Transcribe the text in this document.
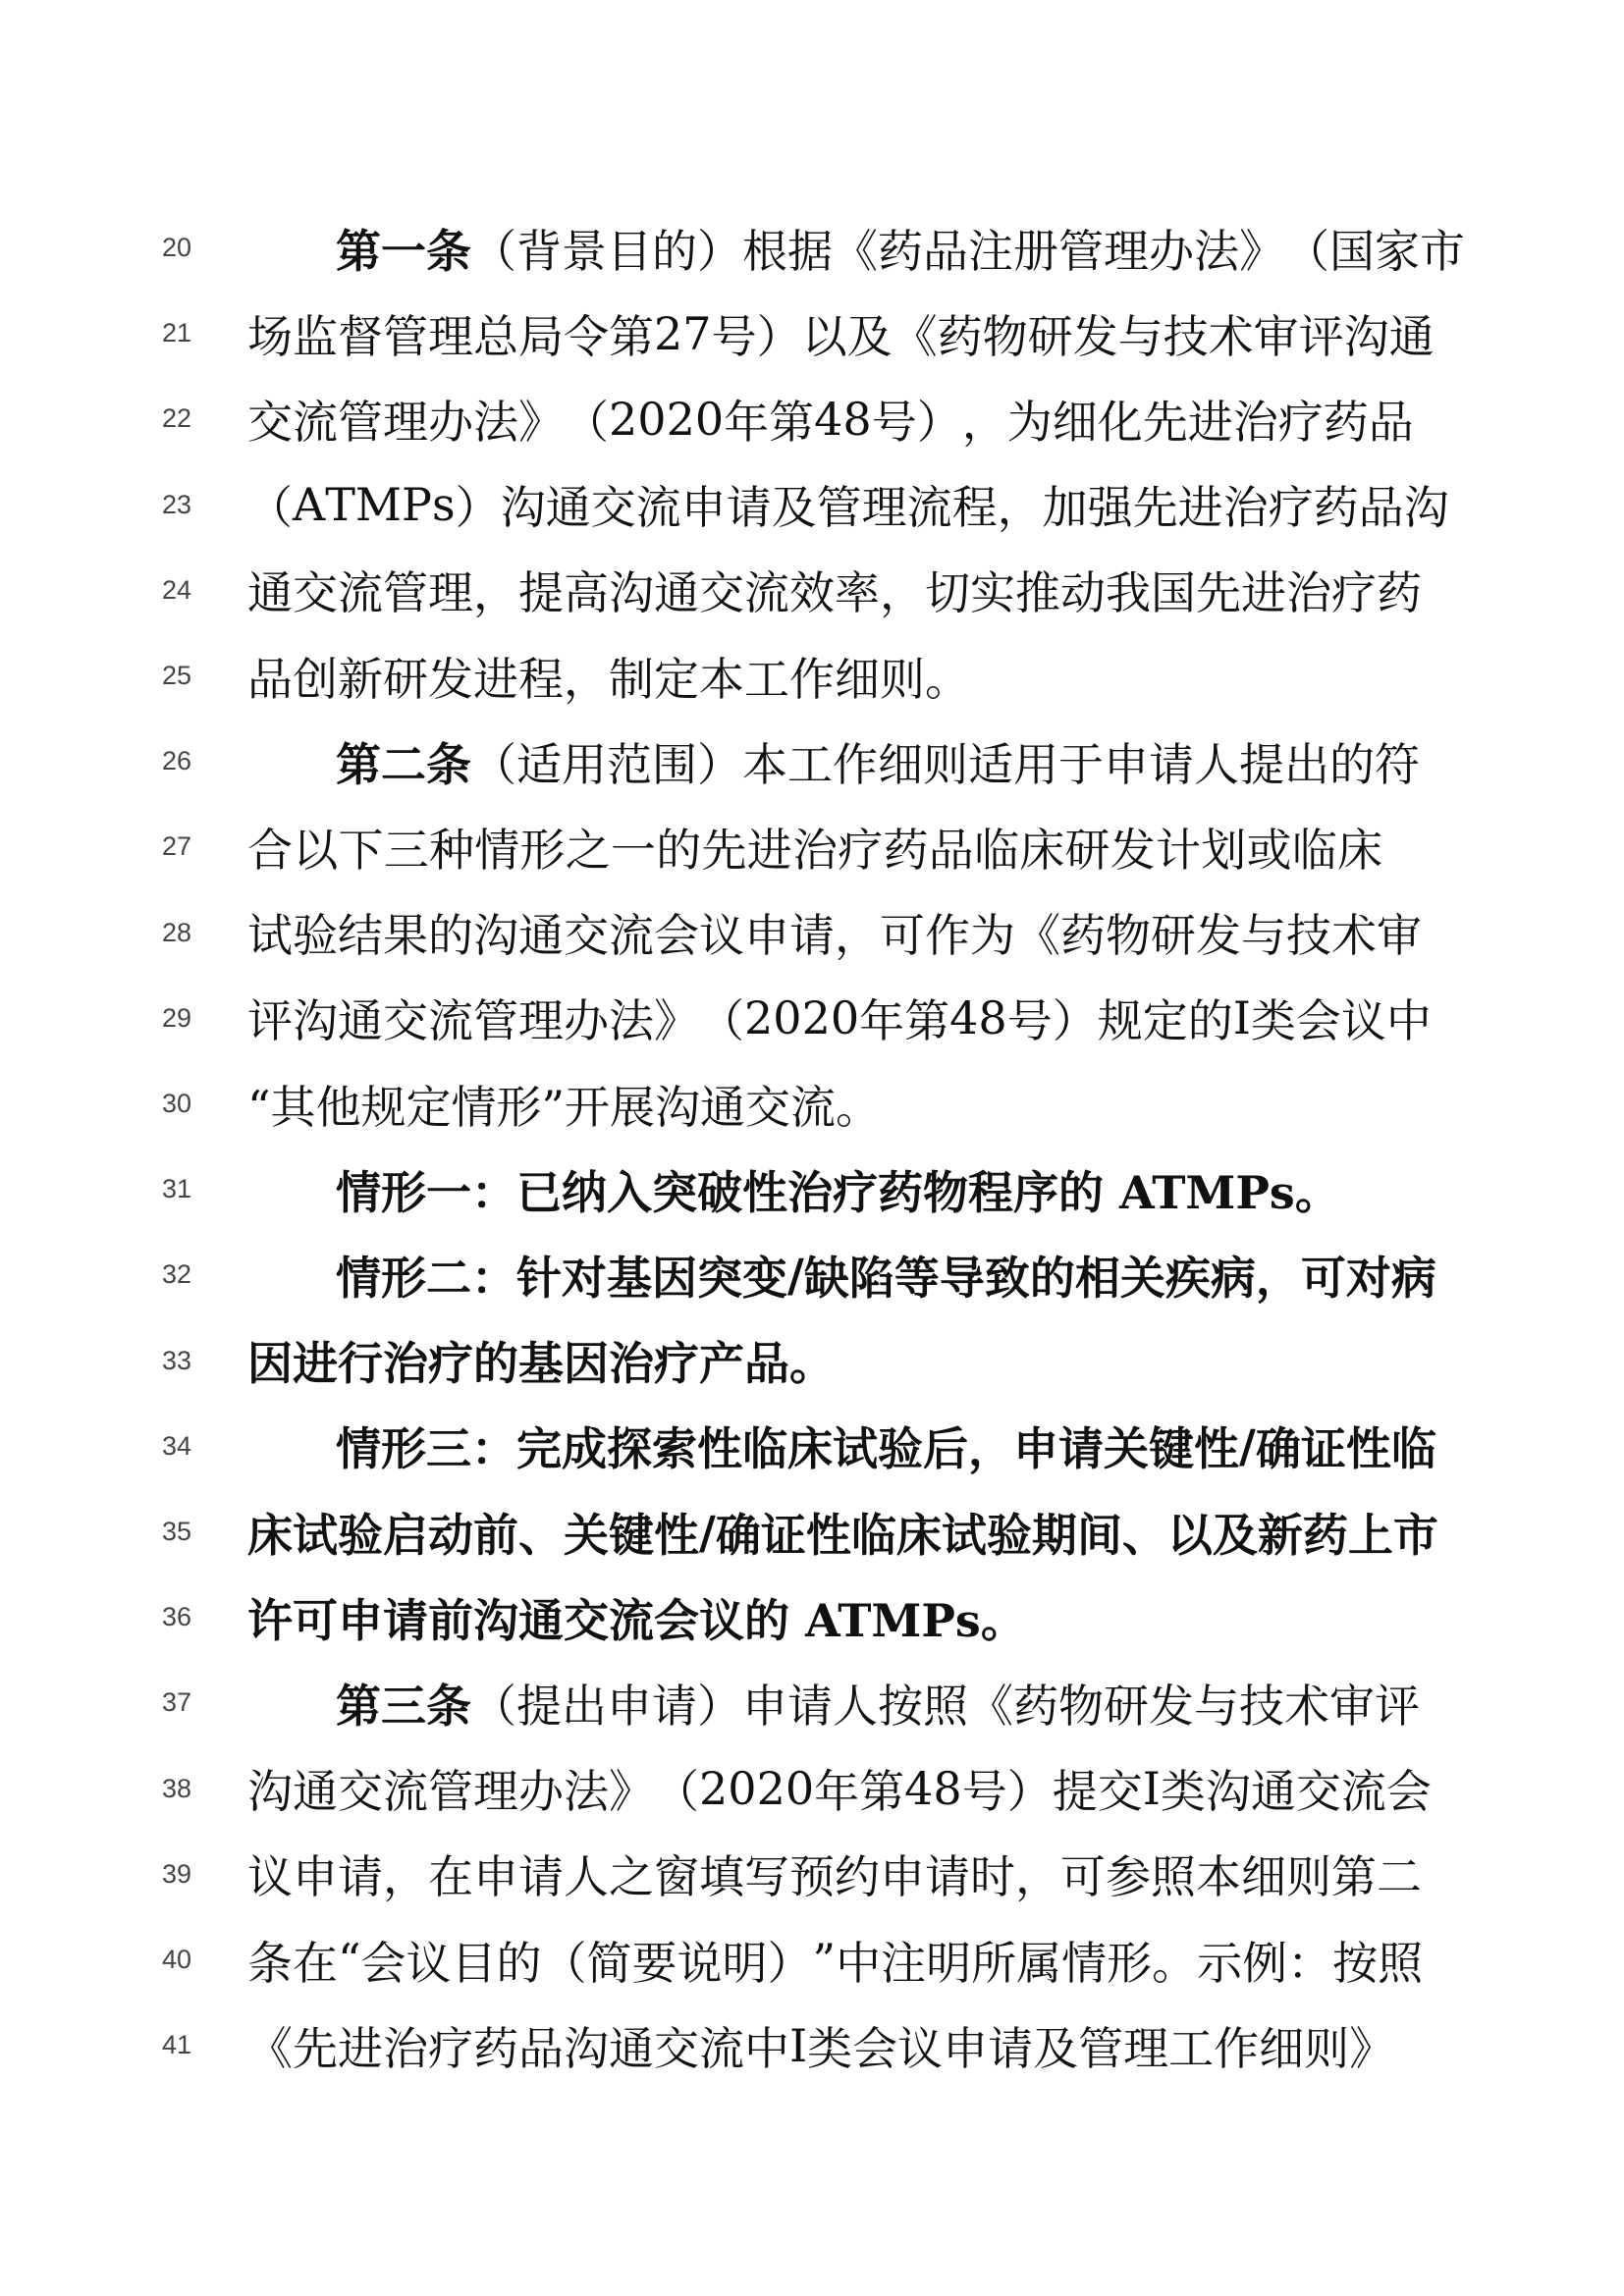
20	第 一 条 （ 背 景 目 的 ） 根 据 《 药 品 注 册 管 理 办 法 》 （ 国 家 市
21	场 监 督 管 理 总 局 令 第 2 7 号 ） 以 及 《 药 物 研 发 与 技 术 审 评 沟 通
22	交 流 管 理 办 法 》 （ 2 0 2 0 年 第 4 8 号 ） ， 为 细 化 先 进 治 疗 药 品
23	（ A T M P s ） 沟 通 交 流 申 请 及 管 理 流 程 ， 加 强 先 进 治 疗 药 品 沟
24	通 交 流 管 理 ， 提 高 沟 通 交 流 效 率 ， 切 实 推 动 我 国 先 进 治 疗 药
25	品创新研发进程，制定本工作细则。
26	第 二 条 （ 适 用 范 围 ） 本 工 作 细 则 适 用 于 申 请 人 提 出 的 符
27	合 以 下 三 种 情 形 之 一 的 先 进 治 疗 药 品 临 床 研 发 计 划 或 临 床
28	试 验 结 果 的 沟 通 交 流 会 议 申 请 ， 可 作 为 《 药 物 研 发 与 技 术 审
29	评 沟 通 交 流 管 理 办 法 》 （ 2 0 2 0 年 第 4 8 号 ） 规 定 的 I 类 会 议 中
30	“其他规定情形”开展沟通交流。
31	情形一：已纳入突破性治疗药物程序的 ATMPs。
32	情 形 二 ： 针 对 基 因 突 变 / 缺 陷 等 导 致 的 相 关 疾 病 ， 可 对 病
33	因进行治疗的基因治疗产品。
34	情 形 三 ： 完 成 探 索 性 临 床 试 验 后 ， 申 请 关 键 性 / 确 证 性 临
35	床 试 验 启 动 前 、 关 键 性 / 确 证 性 临 床 试 验 期 间 、 以 及 新 药 上 市
36	许可申请前沟通交流会议的 ATMPs。
37	第 三 条 （ 提 出 申 请 ） 申 请 人 按 照 《 药 物 研 发 与 技 术 审 评
38	沟 通 交 流 管 理 办 法 》 （ 2 0 2 0 年 第 4 8 号 ） 提 交 I 类 沟 通 交 流 会
39	议 申 请 ， 在 申 请 人 之 窗 填 写 预 约 申 请 时 ， 可 参 照 本 细 则 第 二
40	条 在 “ 会 议 目 的 （ 简 要 说 明 ） ” 中 注 明 所 属 情 形 。 示 例 ： 按 照
41	《 先 进 治 疗 药 品 沟 通 交 流 中 I 类 会 议 申 请 及 管 理 工 作 细 则 》
